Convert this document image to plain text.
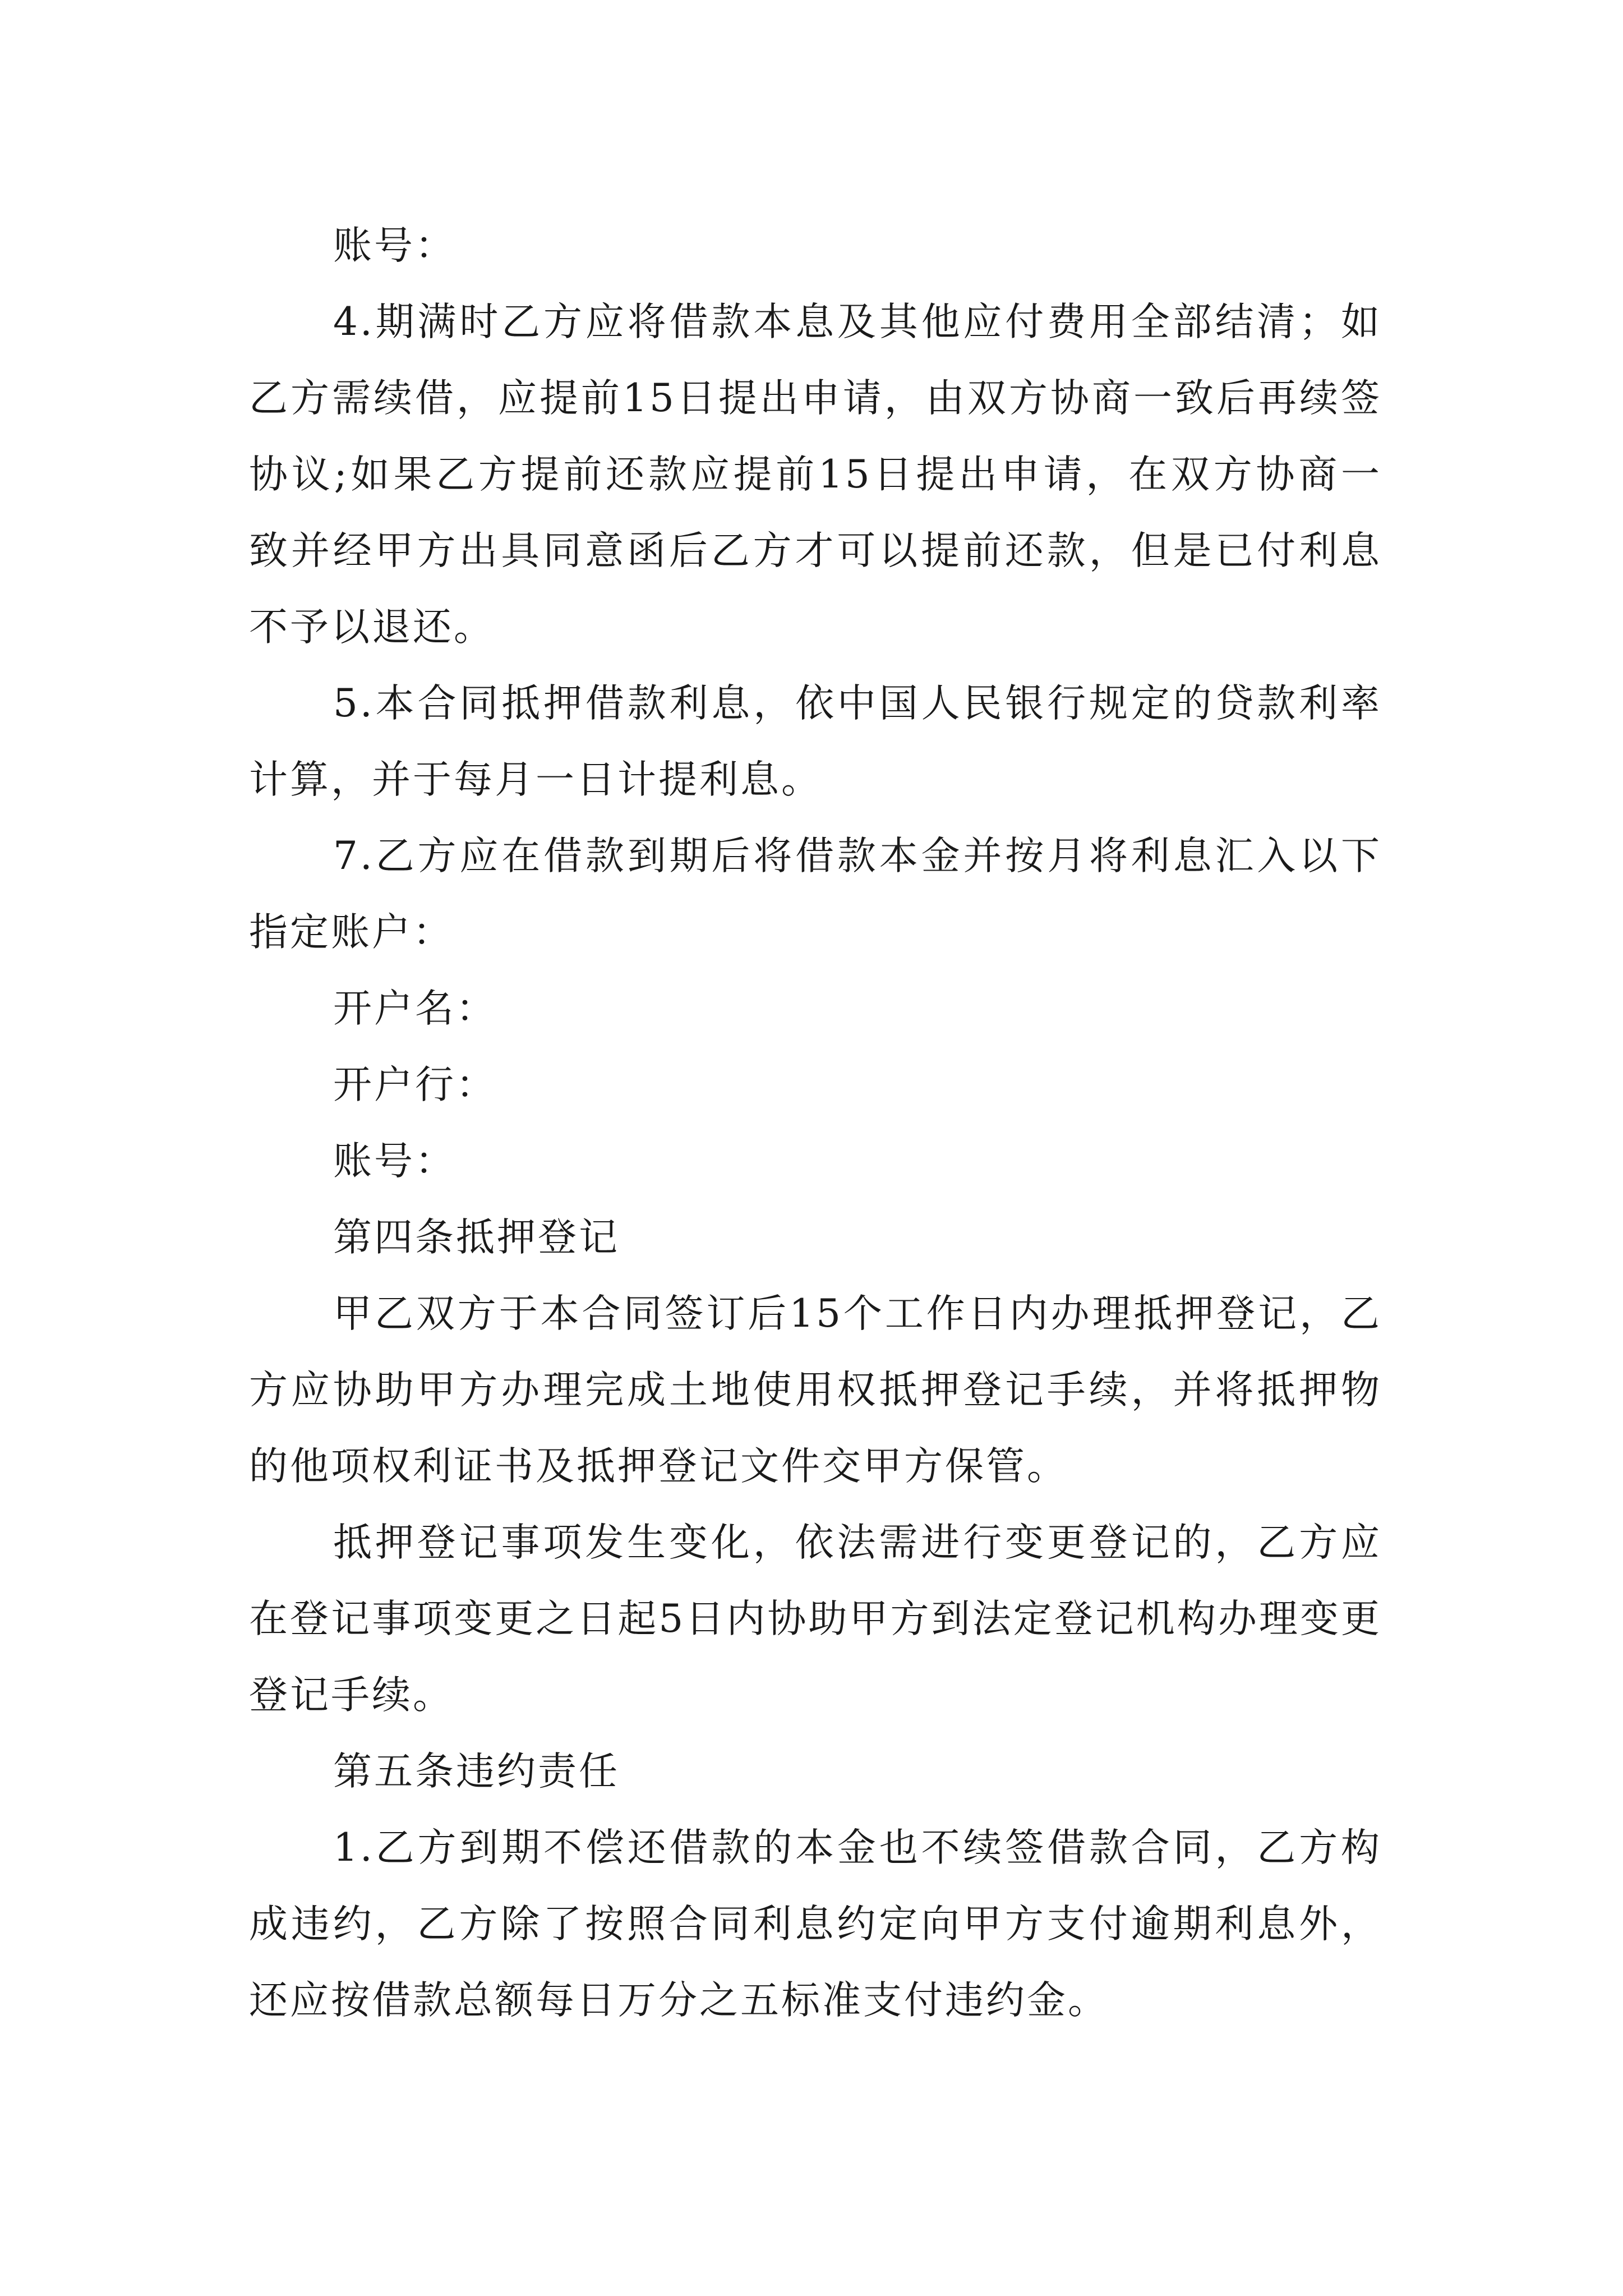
账号：

4.期满时乙方应将借款本息及其他应付费用全部结清；如乙方需续借，应提前15日提出申请，由双方协商一致后再续签协议;如果乙方提前还款应提前15日提出申请，在双方协商一致并经甲方出具同意函后乙方才可以提前还款，但是已付利息不予以退还。

5.本合同抵押借款利息，依中国人民银行规定的贷款利率计算，并于每月一日计提利息。

7.乙方应在借款到期后将借款本金并按月将利息汇入以下指定账户：

开户名：

开户行：

账号：

第四条抵押登记

甲乙双方于本合同签订后15个工作日内办理抵押登记，乙方应协助甲方办理完成土地使用权抵押登记手续，并将抵押物的他项权利证书及抵押登记文件交甲方保管。

抵押登记事项发生变化，依法需进行变更登记的，乙方应在登记事项变更之日起5日内协助甲方到法定登记机构办理变更登记手续。

第五条违约责任

1.乙方到期不偿还借款的本金也不续签借款合同，乙方构成违约，乙方除了按照合同利息约定向甲方支付逾期利息外，还应按借款总额每日万分之五标准支付违约金。
